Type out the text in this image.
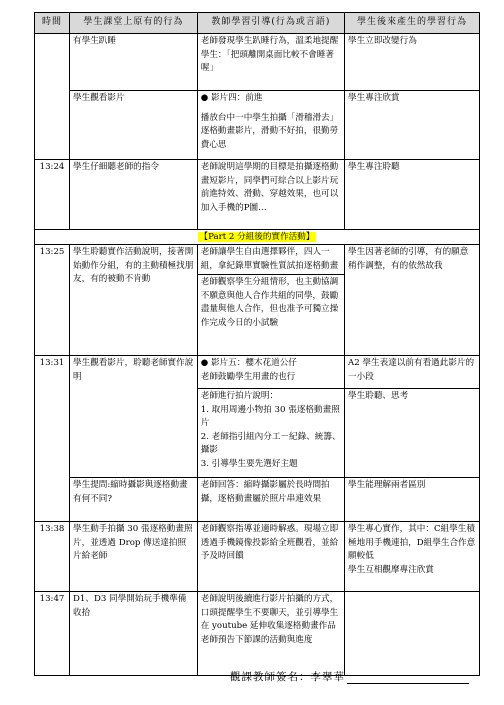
時間	學生課堂上原有的行為	教師學習引導(行為或言語)	學生後來產生的學習行為
	有學生趴睡	老師發現學生趴睡行為，溫柔地提醒學生：「把頭離開桌面比較不會睡著喔」	學生立即改變行為
	學生觀看影片	● 影片四：前進
播放台中一中學生拍攝「滑稽滑去」逐格動畫影片，滑動不好拍，很勤勞費心思	學生專注欣賞
13:24	學生仔細聽老師的指令	老師說明這學期的目標是拍攝逐格動畫短影片，同學們可綜合以上影片玩前進特效、滑動、穿越效果，也可以加入手機的P圖…	學生專注聆聽
【Part 2 分組後的實作活動】			
13:25	學生聆聽實作活動說明，接著開始動作分組，有的主動積極找朋友，有的被動不肯動	老師讓學生自由選擇夥伴，四人一組，拿紀錄單實驗性質試拍逐格動畫
老師觀察學生分組情形，也主動協調不願意與他人合作共組的同學，鼓勵盡量與他人合作，但也准予可獨立操作完成今日的小試驗	學生因著老師的引導，有的願意稍作調整，有的依然故我
13:31	學生觀看影片，聆聽老師實作說明	● 影片五：櫻木花道公仔
老師鼓勵學生用畫的也行	A2 學生表達以前有看過此影片的一小段

		老師進行拍片說明：
1. 取用周邊小物拍 30 張逐格動畫照片
2. 老師指引組內分工－紀錄、統籌、攝影
3. 引導學生要先選好主題	學生聆聽、思考
	學生提問:縮時攝影與逐格動畫有何不同?	老師回答：縮時攝影屬於長時間拍攝，逐格動畫屬於照片串連效果	學生能理解兩者區別
13:38	學生動手拍攝 30 張逐格動畫照片，並透過 Drop 傳送達拍照片給老師	老師觀察指導並適時解惑。現場立即透過手機鏡像投影給全班觀看，並給予及時回饋	學生專心實作，其中：C組學生積極地用手機連拍，D組學生合作意願較低
學生互相觀摩專注欣賞

13:47	D1、D3 同學開始玩手機準備收拾	老師說明後續進行影片拍攝的方式，口頭提醒學生不要聊天，並引導學生在 youtube 延伸收集逐格動畫作品
老師預告下節課的活動與進度	

觀課教師簽名：李翠華
